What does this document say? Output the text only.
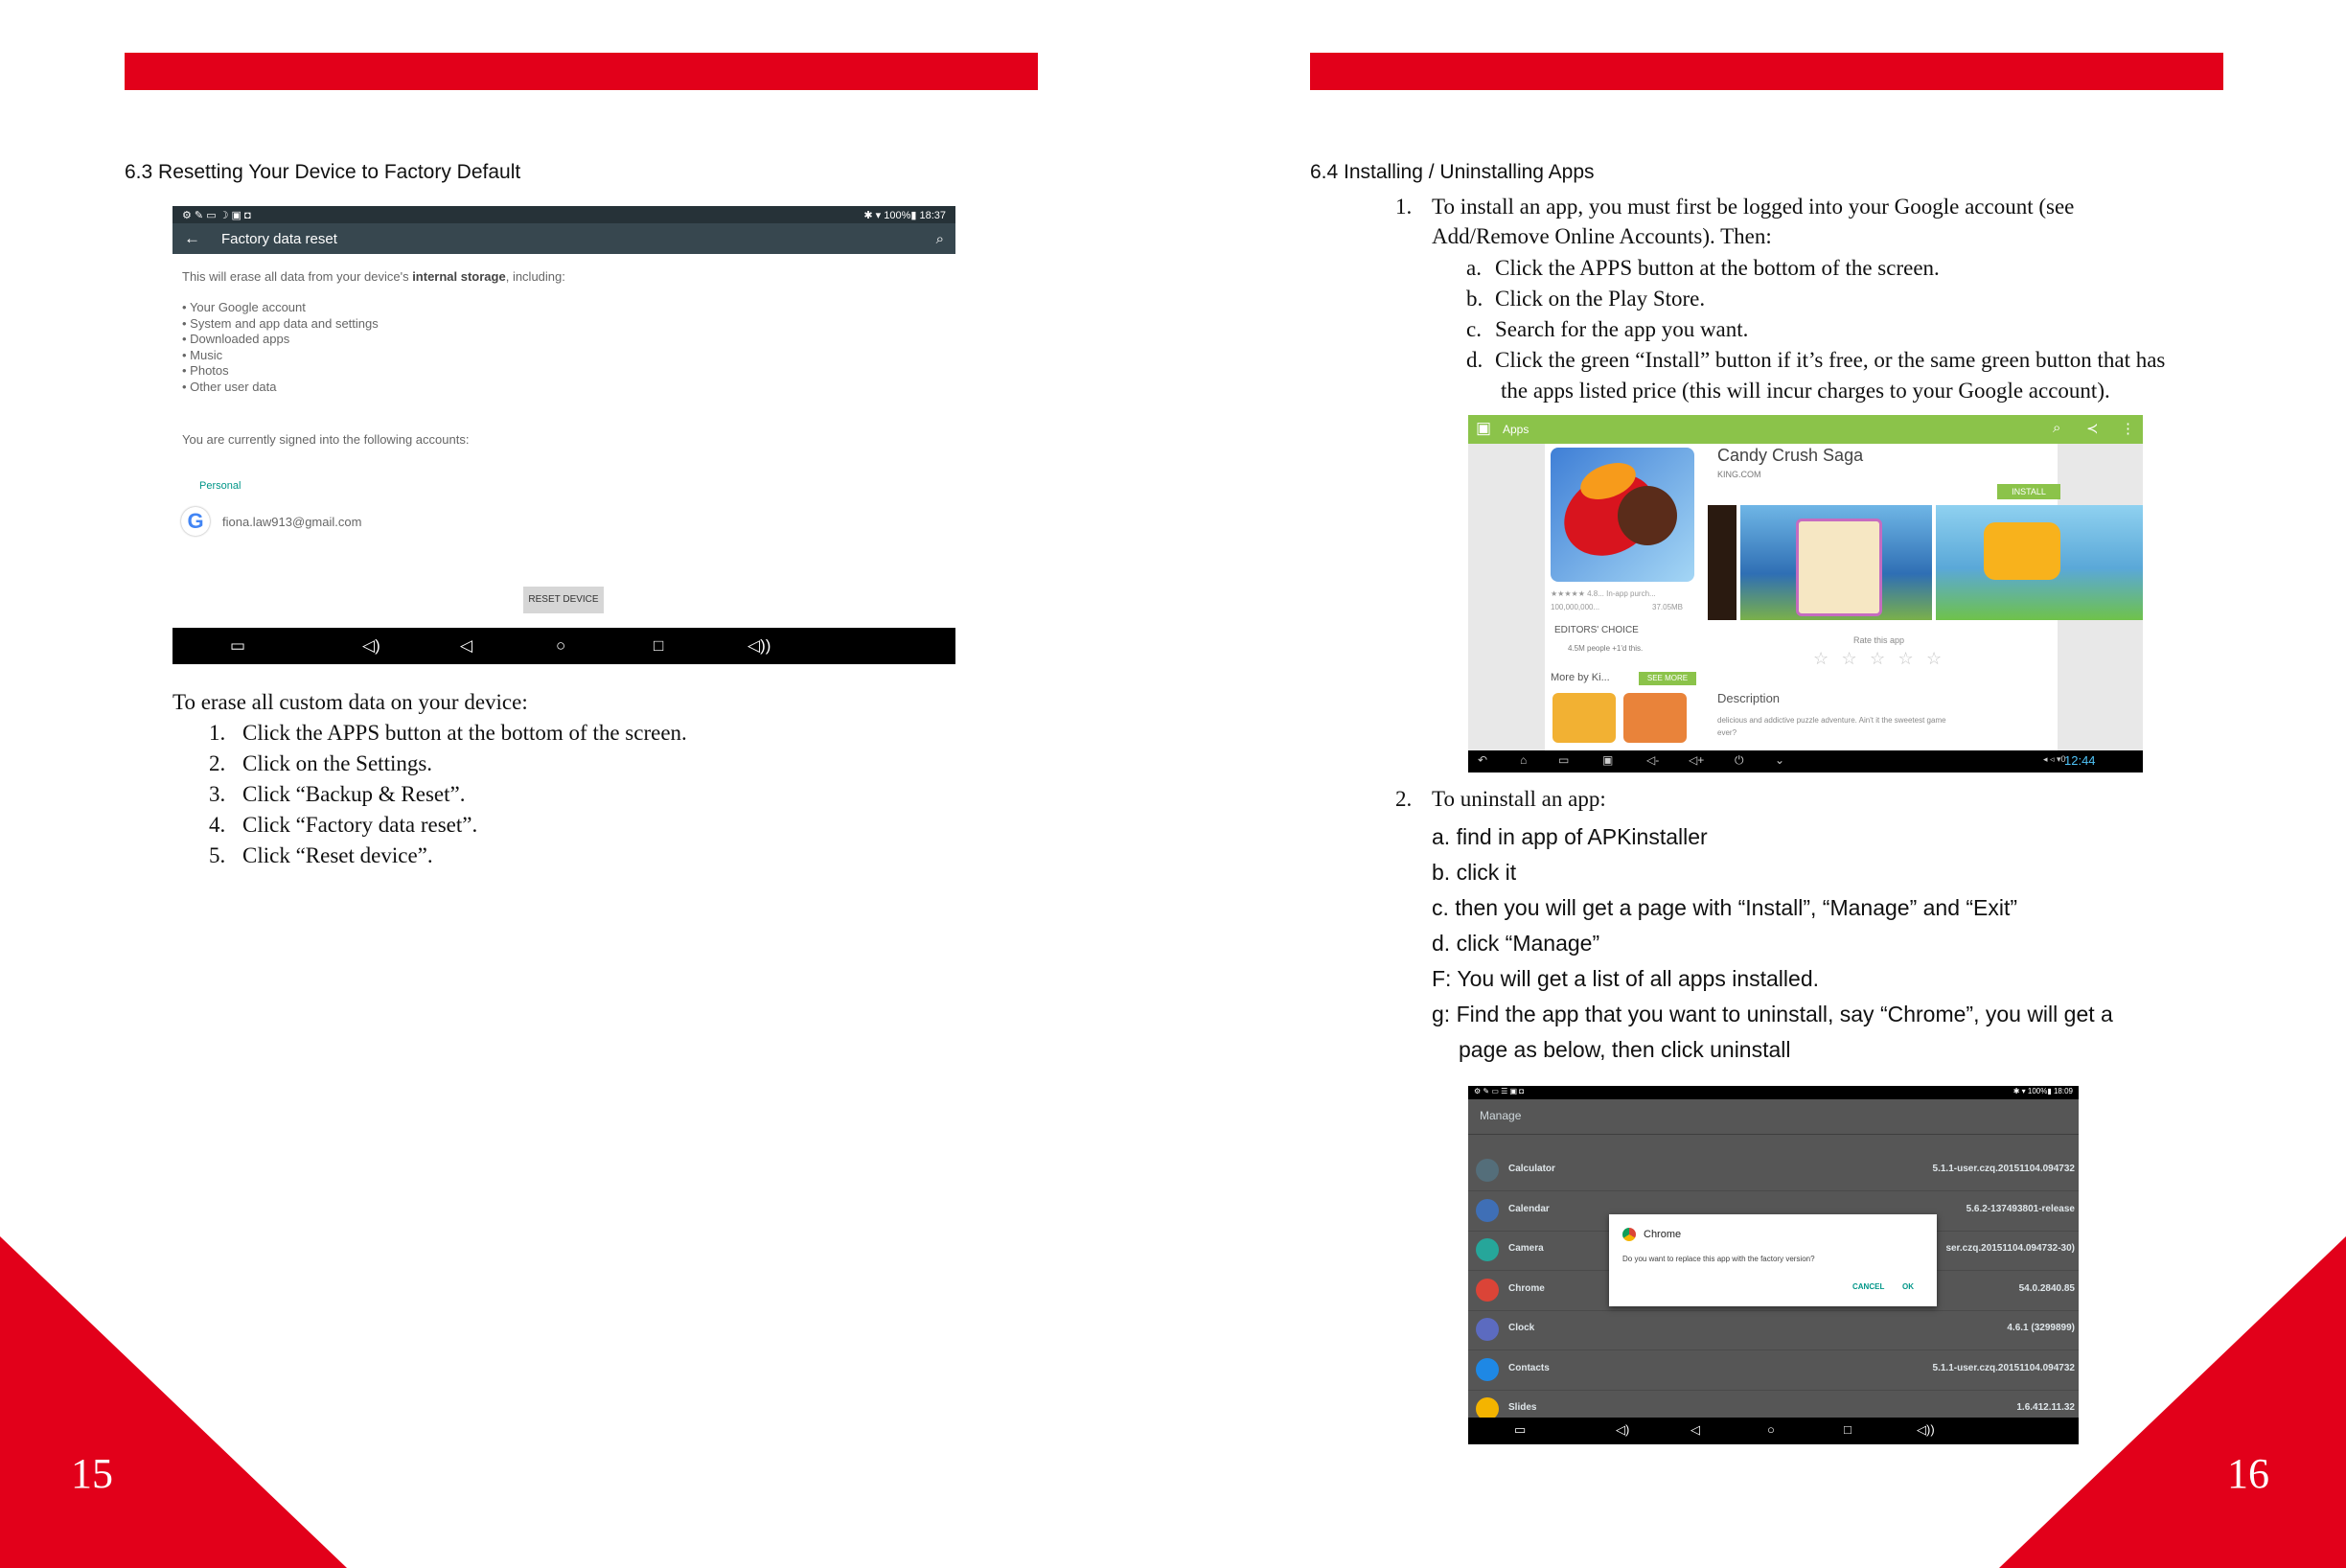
15
6.3 Resetting Your Device to Factory Default
⚙ ✎ ▭ ☽ ▣ ◘	✱ ▾ 100%▮ 18:37
← Factory data reset	⌕
This will erase all data from your device's internal storage, including:
• Your Google account
• System and app data and settings
• Downloaded apps
• Music
• Photos
• Other user data
You are currently signed into the following accounts:
Personal
G	fiona.law913@gmail.com
RESET DEVICE
▭	◁)	◁	○	□	◁))
To erase all custom data on your device:
1. Click the APPS button at the bottom of the screen.
2. Click on the Settings.
3. Click “Backup & Reset”.
4. Click “Factory data reset”.
5. Click “Reset device”.
16
6.4 Installing / Uninstalling Apps
1. To install an app, you must first be logged into your Google account (see
Add/Remove Online Accounts). Then:
a. Click the APPS button at the bottom of the screen.
b. Click on the Play Store.
c. Search for the app you want.
d. Click the green “Install” button if it’s free, or the same green button that has
the apps listed price (this will incur charges to your Google account).
▣ Apps	⌕ ≺ ⋮
Candy Crush Saga
KING.COM
INSTALL
★★★★★ 4.8... In-app purch...
100,000,000...	37.05MB
EDITORS' CHOICE
4.5M people +1'd this.
More by Ki...	SEE MORE
Rate this app
☆ ☆ ☆ ☆ ☆
Description
delicious and addictive puzzle adventure. Ain't it the sweetest game
ever?
↶	⌂	▭	▣	◁-	◁+	⏻	⌄	◂ ◃ ▾0
12:44
2. To uninstall an app:
a. find in app of APKinstaller
b. click it
c. then you will get a page with “Install”, “Manage” and “Exit”
d. click “Manage”
F: You will get a list of all apps installed.
g: Find the app that you want to uninstall, say “Chrome”, you will get a
page as below, then click uninstall
⚙ ✎ ▭ ☰ ▣ ◘	✱ ▾ 100%▮ 18:09
Manage
Calculator	5.1.1-user.czq.20151104.094732
Calendar	5.6.2-137493801-release
Camera	ser.czq.20151104.094732-30)
Chrome	54.0.2840.85
Clock	4.6.1 (3299899)
Contacts	5.1.1-user.czq.20151104.094732
Slides	1.6.412.11.32
Chrome
Do you want to replace this app with the factory version?
CANCEL OK
▭	◁)	◁	○	□	◁))
